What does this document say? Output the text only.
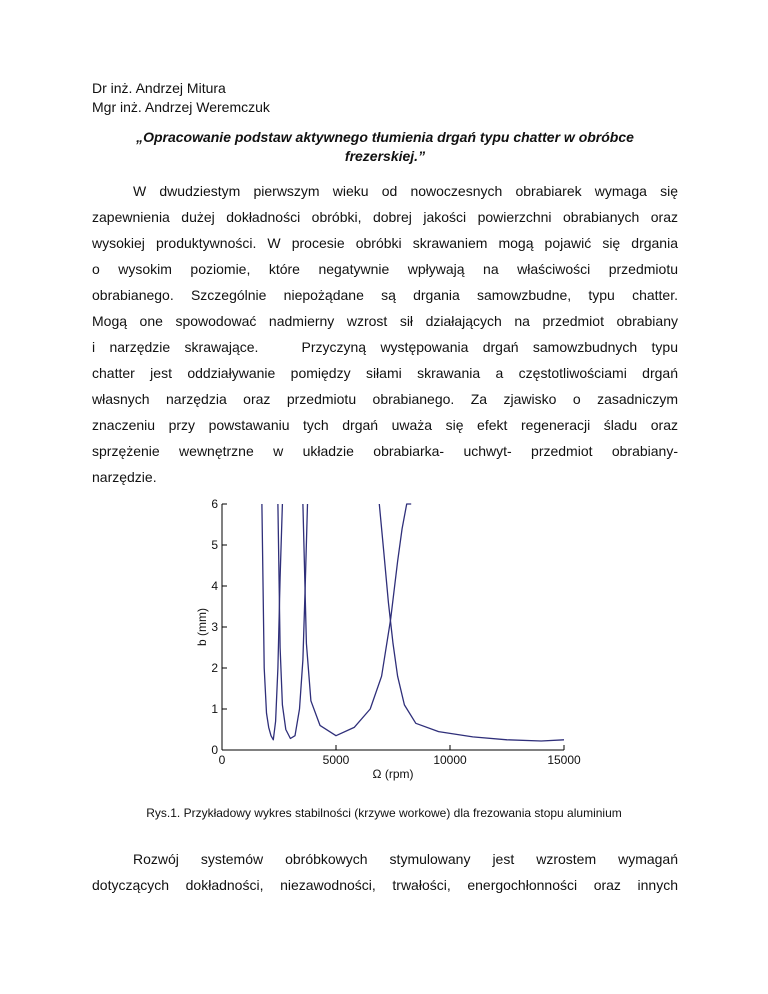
Dr inż. Andrzej Mitura
Mgr inż. Andrzej Weremczuk
„Opracowanie podstaw aktywnego tłumienia drgań typu chatter w obróbce
frezerskiej.”

W dwudziestym pierwszym wieku od nowoczesnych obrabiarek wymaga się
zapewnienia dużej dokładności obróbki, dobrej jakości powierzchni obrabianych oraz
wysokiej produktywności. W procesie obróbki skrawaniem mogą pojawić się drgania
o wysokim poziomie, które negatywnie wpływają na właściwości przedmiotu
obrabianego. Szczególnie niepożądane są drgania samowzbudne, typu chatter.
Mogą one spowodować nadmierny wzrost sił działających na przedmiot obrabiany
i narzędzie skrawające.   Przyczyną występowania drgań samowzbudnych typu
chatter jest oddziaływanie pomiędzy siłami skrawania a częstotliwościami drgań
własnych narzędzia oraz przedmiotu obrabianego. Za zjawisko o zasadniczym
znaczeniu przy powstawaniu tych drgań uważa się efekt regeneracji śladu oraz
sprzężenie wewnętrzne w układzie obrabiarka- uchwyt- przedmiot obrabiany-
narzędzie.

0
1
2
3
4
5
6
0	5000	10000	15000
Ω (rpm)
b (mm)
Rys.1. Przykładowy wykres stabilności (krzywe workowe) dla frezowania stopu aluminium

Rozwój systemów obróbkowych stymulowany jest wzrostem wymagań
dotyczących dokładności, niezawodności, trwałości, energochłonności oraz innych
